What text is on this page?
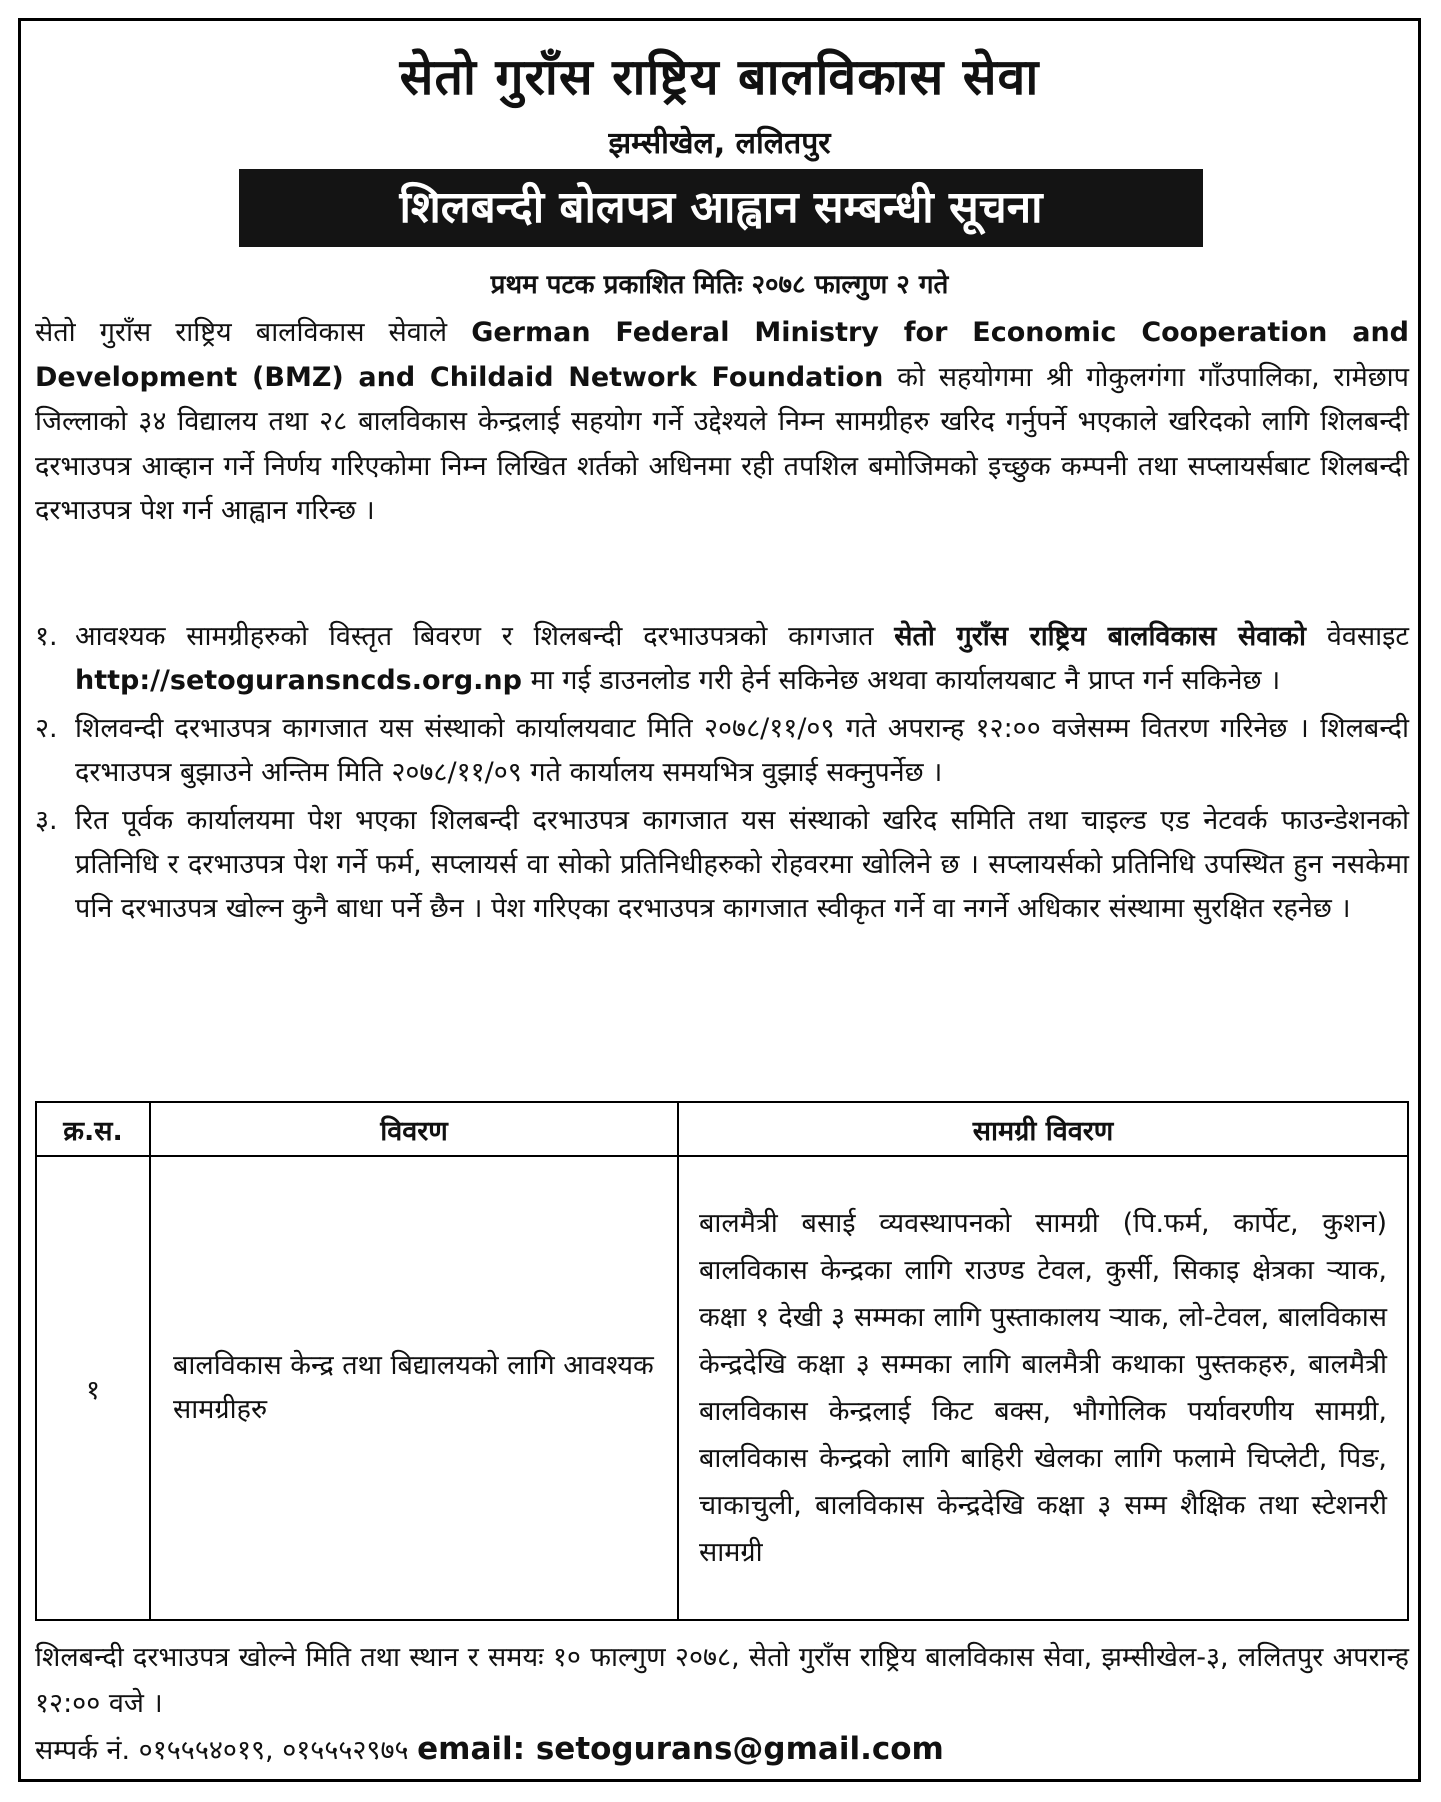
सेतो गुराँस राष्ट्रिय बालविकास सेवा
झम्सीखेल, ललितपुर
शिलबन्दी बोलपत्र आह्वान सम्बन्धी सूचना
प्रथम पटक प्रकाशित मितिः २०७८ फाल्गुण २ गते
सेतो गुराँस राष्ट्रिय बालविकास सेवाले German Federal Ministry for Economic Cooperation and Development (BMZ) and Childaid Network Foundation को सहयोगमा श्री गोकुलगंगा गाँउपालिका, रामेछाप जिल्लाको ३४ विद्यालय तथा २८ बालविकास केन्द्रलाई सहयोग गर्ने उद्देश्यले निम्न सामग्रीहरु खरिद गर्नुपर्ने भएकाले खरिदको लागि शिलबन्दी दरभाउपत्र आव्हान गर्ने निर्णय गरिएकोमा निम्न लिखित शर्तको अधिनमा रही तपशिल बमोजिमको इच्छुक कम्पनी तथा सप्लायर्सबाट शिलबन्दी दरभाउपत्र पेश गर्न आह्वान गरिन्छ ।
१. आवश्यक सामग्रीहरुको विस्तृत बिवरण र शिलबन्दी दरभाउपत्रको कागजात सेतो गुराँस राष्ट्रिय बालविकास सेवाको वेवसाइट http://setoguransncds.org.np मा गई डाउनलोड गरी हेर्न सकिनेछ अथवा कार्यालयबाट नै प्राप्त गर्न सकिनेछ ।
२. शिलवन्दी दरभाउपत्र कागजात यस संस्थाको कार्यालयवाट मिति २०७८/११/०९ गते अपरान्ह १२:०० वजेसम्म वितरण गरिनेछ । शिलबन्दी दरभाउपत्र बुझाउने अन्तिम मिति २०७८/११/०९ गते कार्यालय समयभित्र वुझाई सक्नुपर्नेछ ।
३. रित पूर्वक कार्यालयमा पेश भएका शिलबन्दी दरभाउपत्र कागजात यस संस्थाको खरिद समिति तथा चाइल्ड एड नेटवर्क फाउन्डेशनको प्रतिनिधि र दरभाउपत्र पेश गर्ने फर्म, सप्लायर्स वा सोको प्रतिनिधीहरुको रोहवरमा खोलिने छ । सप्लायर्सको प्रतिनिधि उपस्थित हुन नसकेमा पनि दरभाउपत्र खोल्न कुनै बाधा पर्ने छैन । पेश गरिएका दरभाउपत्र कागजात स्वीकृत गर्ने वा नगर्ने अधिकार संस्थामा सुरक्षित रहनेछ ।
क्र.स.	विवरण	सामग्री विवरण
१	बालविकास केन्द्र तथा बिद्यालयको लागि आवश्यक सामग्रीहरु	बालमैत्री बसाई व्यवस्थापनको सामग्री (पि.फर्म, कार्पेट, कुशन) बालविकास केन्द्रका लागि राउण्ड टेवल, कुर्सी, सिकाइ क्षेत्रका र्‍याक, कक्षा १ देखी ३ सम्मका लागि पुस्ताकालय र्‍याक, लो-टेवल, बालविकास केन्द्रदेखि कक्षा ३ सम्मका लागि बालमैत्री कथाका पुस्तकहरु, बालमैत्री बालविकास केन्द्रलाई किट बक्स, भौगोलिक पर्यावरणीय सामग्री, बालविकास केन्द्रको लागि बाहिरी खेलका लागि फलामे चिप्लेटी, पिङ, चाकाचुली, बालविकास केन्द्रदेखि कक्षा ३ सम्म शैक्षिक तथा स्टेशनरी सामग्री
शिलबन्दी दरभाउपत्र खोल्ने मिति तथा स्थान र समयः १० फाल्गुण २०७८, सेतो गुराँस राष्ट्रिय बालविकास सेवा, झम्सीखेल-३, ललितपुर अपरान्ह १२:०० वजे ।
सम्पर्क नं. ०१५५५४०१९, ०१५५५२९७५ email: setogurans@gmail.com
